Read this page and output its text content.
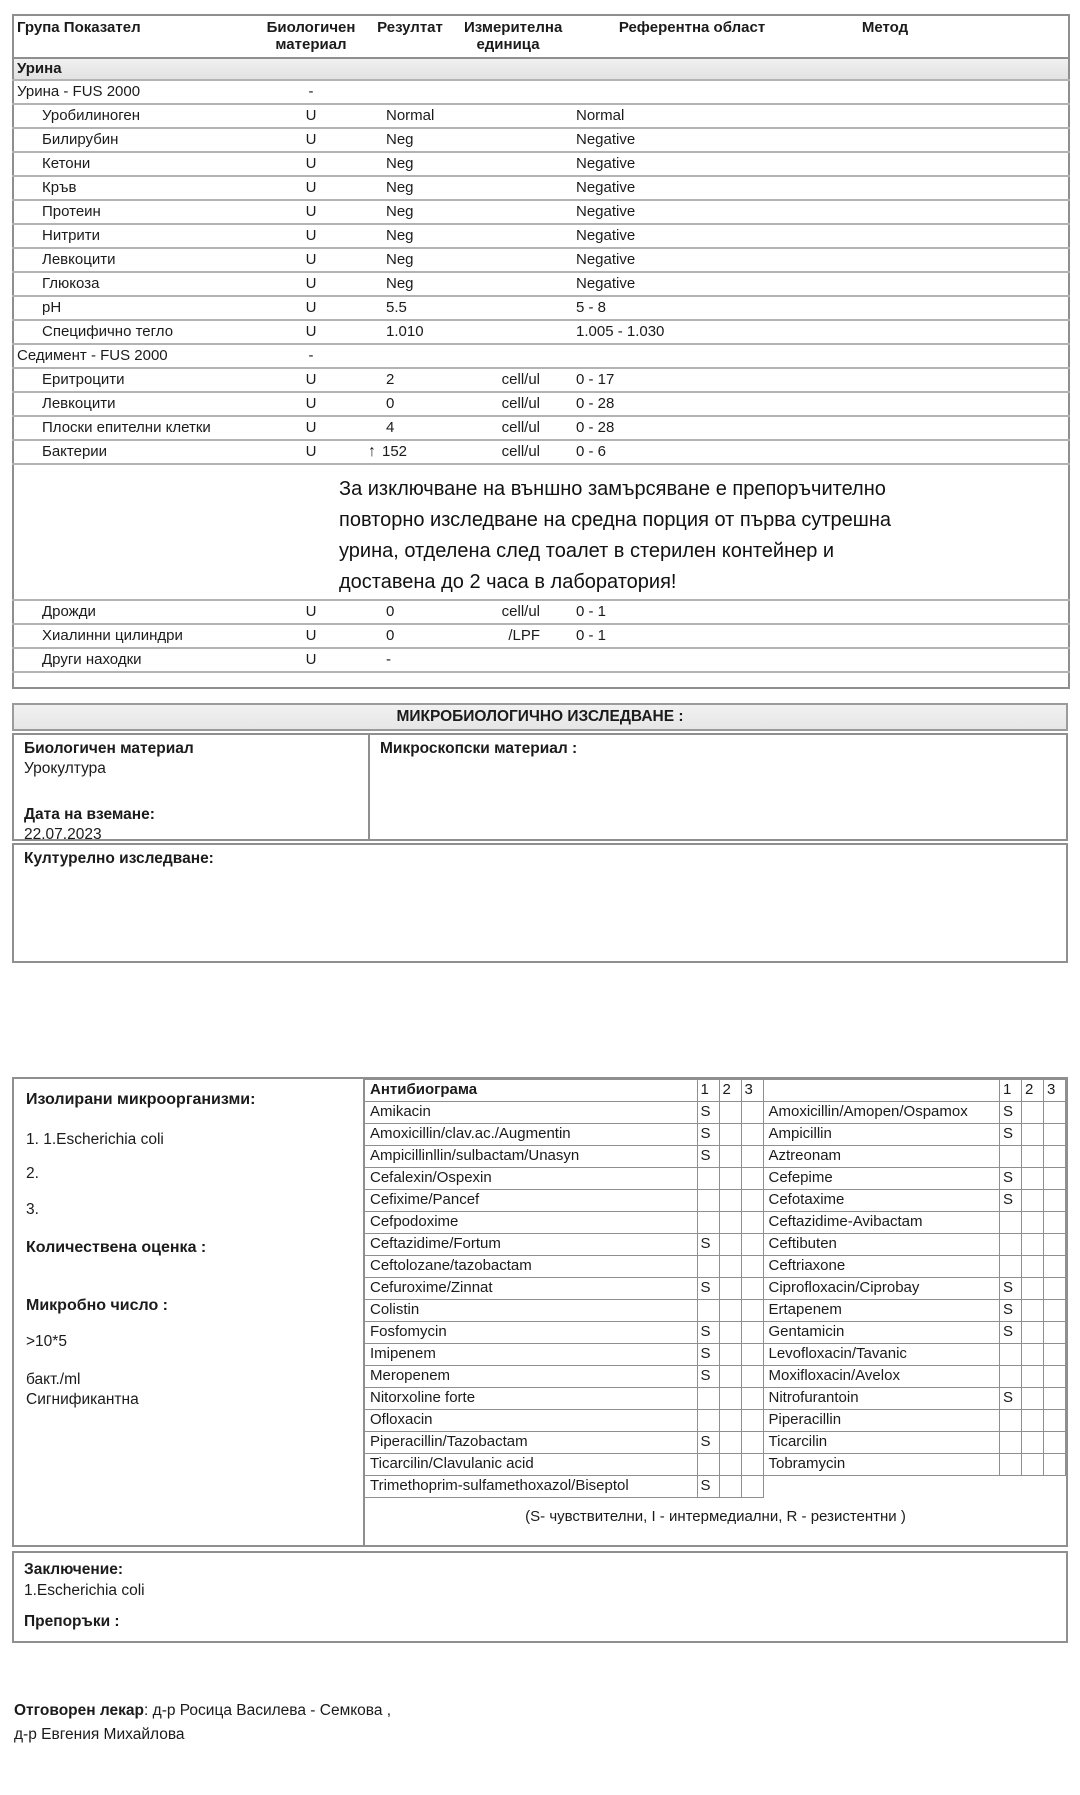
Група Показател	Биологичен материал	Резултат	Измерителна единица	Референтна област	Метод
Урина					
Урина - FUS 2000	-				
Уробилиноген	U	Normal		Normal	
Билирубин	U	Neg		Negative	
Кетони	U	Neg		Negative	
Кръв	U	Neg		Negative	
Протеин	U	Neg		Negative	
Нитрити	U	Neg		Negative	
Левкоцити	U	Neg		Negative	
Глюкоза	U	Neg		Negative	
pH	U	5.5		5 - 8	
Специфично тегло	U	1.010		1.005 - 1.030	
Седимент - FUS 2000	-				
Еритроцити	U	2	cell/ul	0 - 17	
Левкоцити	U	0	cell/ul	0 - 28	
Плоски епителни клетки	U	4	cell/ul	0 - 28	
Бактерии	U	↑ 152	cell/ul	0 - 6	

	За изключване на външно замърсяване е препоръчително повторно изследване на средна порция от първа сутрешна урина, отделена след тоалет в стерилен контейнер и доставена до 2 часа в лаборатория!				

Дрожди	U	0	cell/ul	0 - 1	
Хиалинни цилиндри	U	0	/LPF	0 - 1	
Други находки	U	-			

МИКРОБИОЛОГИЧНО ИЗСЛЕДВАНЕ :
Биологичен материал
Урокултура
Дата на вземане:
22.07.2023
Микроскопски материал :
Културелно изследване:
Изолирани микроорганизми:
1. 1.Escherichia coli
2.
3.
Количествена оценка :
Микробно число :
>10*5
бакт./ml
Сигнификантна
Антибиограма	1	2	3
Amikacin	S		
Amoxicillin/clav.ac./Augmentin	S		
Ampicillinllin/sulbactam/Unasyn	S		
Cefalexin/Ospexin			
Cefixime/Pancef			
Cefpodoxime			
Ceftazidime/Fortum	S		
Ceftolozane/tazobactam			
Cefuroxime/Zinnat	S		
Colistin			
Fosfomycin	S		
Imipenem	S		
Meropenem	S		
Nitorxoline forte			
Ofloxacin			
Piperacillin/Tazobactam	S		
Ticarcilin/Clavulanic acid			
Trimethoprim-sulfamethoxazol/Biseptol	S		
	1	2	3
Amoxicillin/Amopen/Ospamox	S		
Ampicillin	S		
Aztreonam			
Cefepime	S		
Cefotaxime	S		
Ceftazidime-Avibactam			
Ceftibuten			
Ceftriaxone			
Ciprofloxacin/Ciprobay	S		
Ertapenem	S		
Gentamicin	S		
Levofloxacin/Tavanic			
Moxifloxacin/Avelox			
Nitrofurantoin	S		
Piperacillin			
Ticarcilin			
Tobramycin			
(S- чувствителни, I - интермедиални, R - резистентни )
Заключение:
1.Escherichia coli
Препоръки :
Отговорен лекар: д-р Росица Василева - Семкова ,
д-р Евгения Михайлова
